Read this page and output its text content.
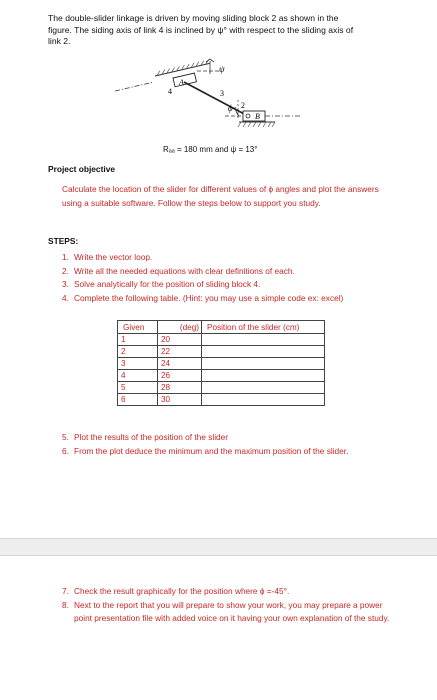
The double-slider linkage is driven by moving sliding block 2 as shown in the
figure. The siding axis of link 4 is inclined by ψ° with respect to the sliding axis of
link 2.
A
4
ψ
3
ϕ 2
B
Rₐₐ = 180 mm and ψ = 13°
Project objective
Calculate the location of the slider for different values of ϕ angles and plot the answers using a suitable software. Follow the steps below to support you study.
STEPS:
1. Write the vector loop.
2. Write all the needed equations with clear definitions of each.
3. Solve analytically for the position of sliding block 4.
4. Complete the following table. (Hint: you may use a simple code ex: excel)
Given	(deg)	Position of the slider (cm)
1	20	
2	22	
3	24	
4	26	
5	28	
6	30	
5. Plot the results of the position of the slider
6. From the plot deduce the minimum and the maximum position of the slider.
7. Check the result graphically for the position where ϕ =-45°.
8. Next to the report that you will prepare to show your work, you may prepare a power point presentation file with added voice on it having your own explanation of the study.
